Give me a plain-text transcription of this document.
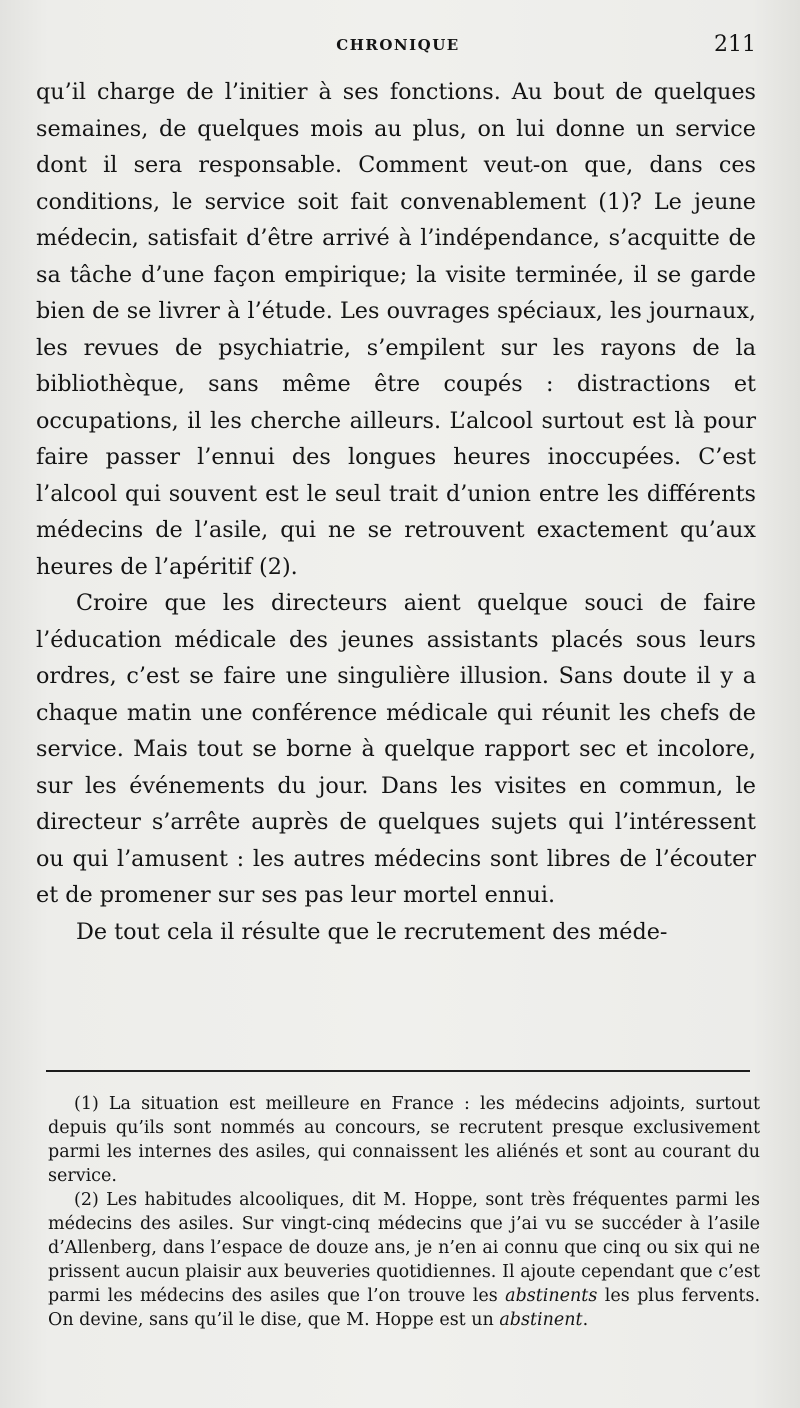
CHRONIQUE	211

qu’il charge de l’initier à ses fonctions. Au bout de quelques semaines, de quelques mois au plus, on lui donne un service dont il sera responsable. Comment veut-on que, dans ces conditions, le service soit fait convenablement (1)? Le jeune médecin, satisfait d’être arrivé à l’indépendance, s’acquitte de sa tâche d’une façon empirique; la visite terminée, il se garde bien de se livrer à l’étude. Les ouvrages spéciaux, les journaux, les revues de psychiatrie, s’empilent sur les rayons de la bibliothèque, sans même être coupés : distractions et occupations, il les cherche ailleurs. L’alcool surtout est là pour faire passer l’ennui des longues heures inoccupées. C’est l’alcool qui souvent est le seul trait d’union entre les différents médecins de l’asile, qui ne se retrouvent exactement qu’aux heures de l’apéritif (2).

Croire que les directeurs aient quelque souci de faire l’éducation médicale des jeunes assistants placés sous leurs ordres, c’est se faire une singulière illusion. Sans doute il y a chaque matin une conférence médicale qui réunit les chefs de service. Mais tout se borne à quelque rapport sec et incolore, sur les événements du jour. Dans les visites en commun, le directeur s’arrête auprès de quelques sujets qui l’intéressent ou qui l’amusent : les autres médecins sont libres de l’écouter et de promener sur ses pas leur mortel ennui.

De tout cela il résulte que le recrutement des méde-

(1) La situation est meilleure en France : les médecins adjoints, surtout depuis qu’ils sont nommés au concours, se recrutent presque exclusivement parmi les internes des asiles, qui connaissent les aliénés et sont au courant du service.

(2) Les habitudes alcooliques, dit M. Hoppe, sont très fréquentes parmi les médecins des asiles. Sur vingt-cinq médecins que j’ai vu se succéder à l’asile d’Allenberg, dans l’espace de douze ans, je n’en ai connu que cinq ou six qui ne prissent aucun plaisir aux beuveries quotidiennes. Il ajoute cependant que c’est parmi les médecins des asiles que l’on trouve les abstinents les plus fervents. On devine, sans qu’il le dise, que M. Hoppe est un abstinent.
